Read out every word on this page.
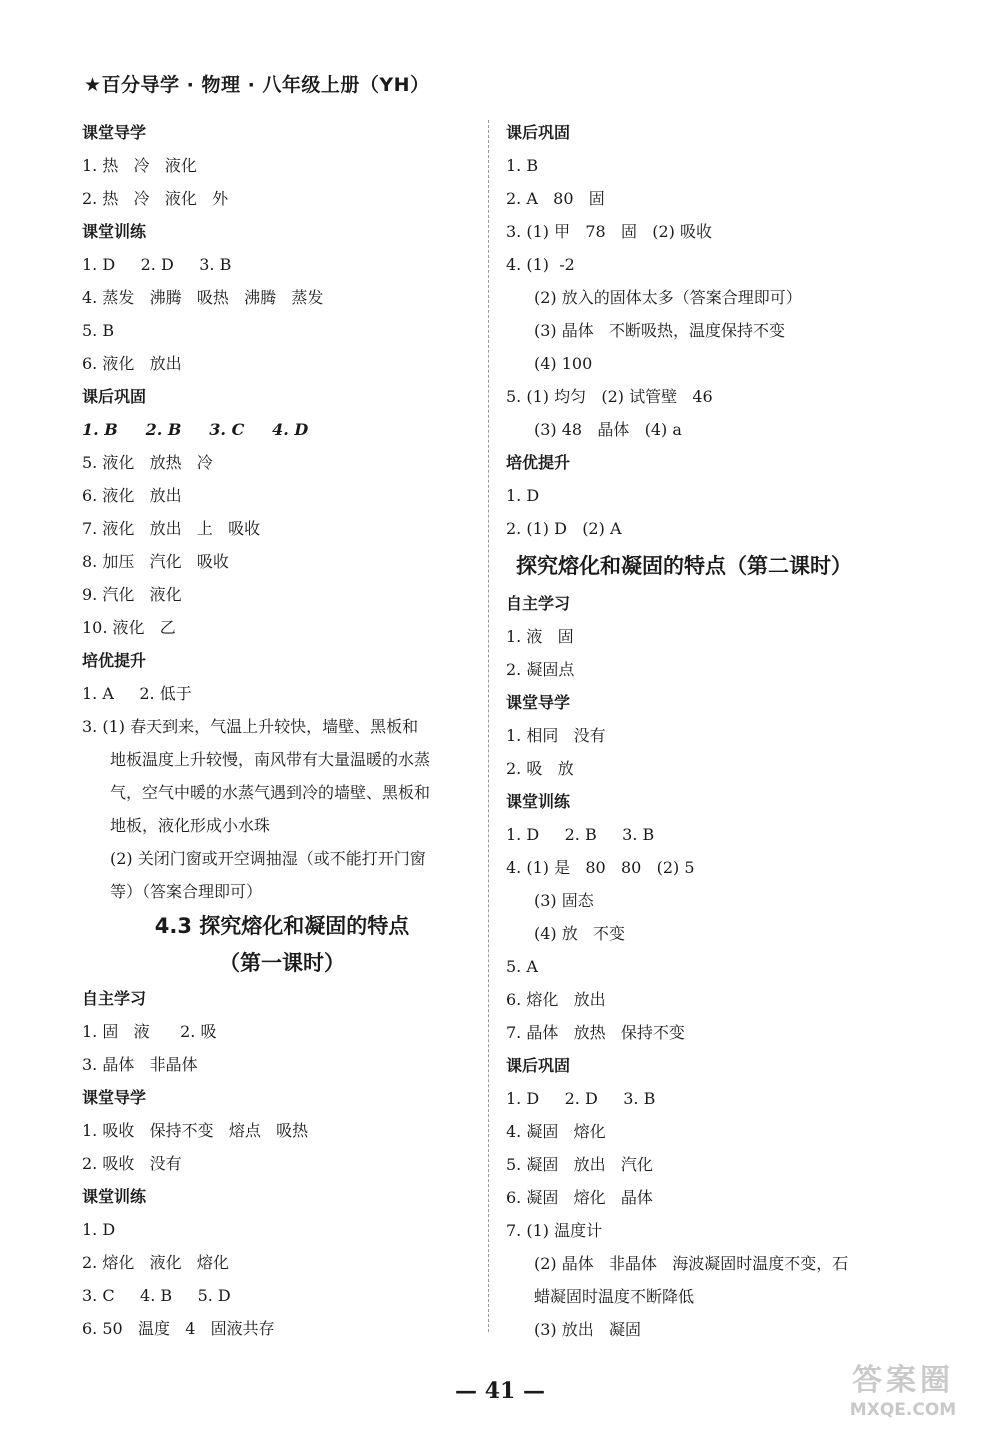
★百分导学 · 物理 · 八年级上册（YH）
课堂导学
1. 热   冷   液化
2. 热   冷   液化   外
课堂训练
1. D     2. D     3. B
4. 蒸发   沸腾   吸热   沸腾   蒸发
5. B
6. 液化   放出
课后巩固
1. B     2. B     3. C     4. D
5. 液化   放热   冷
6. 液化   放出
7. 液化   放出   上   吸收
8. 加压   汽化   吸收
9. 汽化   液化
10. 液化   乙
培优提升
1. A     2. 低于
3. (1) 春天到来，气温上升较快，墙壁、黑板和
地板温度上升较慢，南风带有大量温暖的水蒸
气，空气中暖的水蒸气遇到冷的墙壁、黑板和
地板，液化形成小水珠
(2) 关闭门窗或开空调抽湿（或不能打开门窗
等）（答案合理即可）
4.3 探究熔化和凝固的特点
（第一课时）
自主学习
1. 固   液      2. 吸
3. 晶体   非晶体
课堂导学
1. 吸收   保持不变   熔点   吸热
2. 吸收   没有
课堂训练
1. D
2. 熔化   液化   熔化
3. C     4. B     5. D
6. 50   温度   4   固液共存
课后巩固
1. B
2. A   80   固
3. (1) 甲   78   固   (2) 吸收
4. (1)  -2
(2) 放入的固体太多（答案合理即可）
(3) 晶体   不断吸热，温度保持不变
(4) 100
5. (1) 均匀   (2) 试管壁   46
(3) 48   晶体   (4) a
培优提升
1. D
2. (1) D   (2) A
探究熔化和凝固的特点（第二课时）
自主学习
1. 液   固
2. 凝固点
课堂导学
1. 相同   没有
2. 吸   放
课堂训练
1. D     2. B     3. B
4. (1) 是   80   80   (2) 5
(3) 固态
(4) 放   不变
5. A
6. 熔化   放出
7. 晶体   放热   保持不变
课后巩固
1. D     2. D     3. B
4. 凝固   熔化
5. 凝固   放出   汽化
6. 凝固   熔化   晶体
7. (1) 温度计
(2) 晶体   非晶体   海波凝固时温度不变，石
蜡凝固时温度不断降低
(3) 放出   凝固
— 41 —	答案圈
MXQE.COM
